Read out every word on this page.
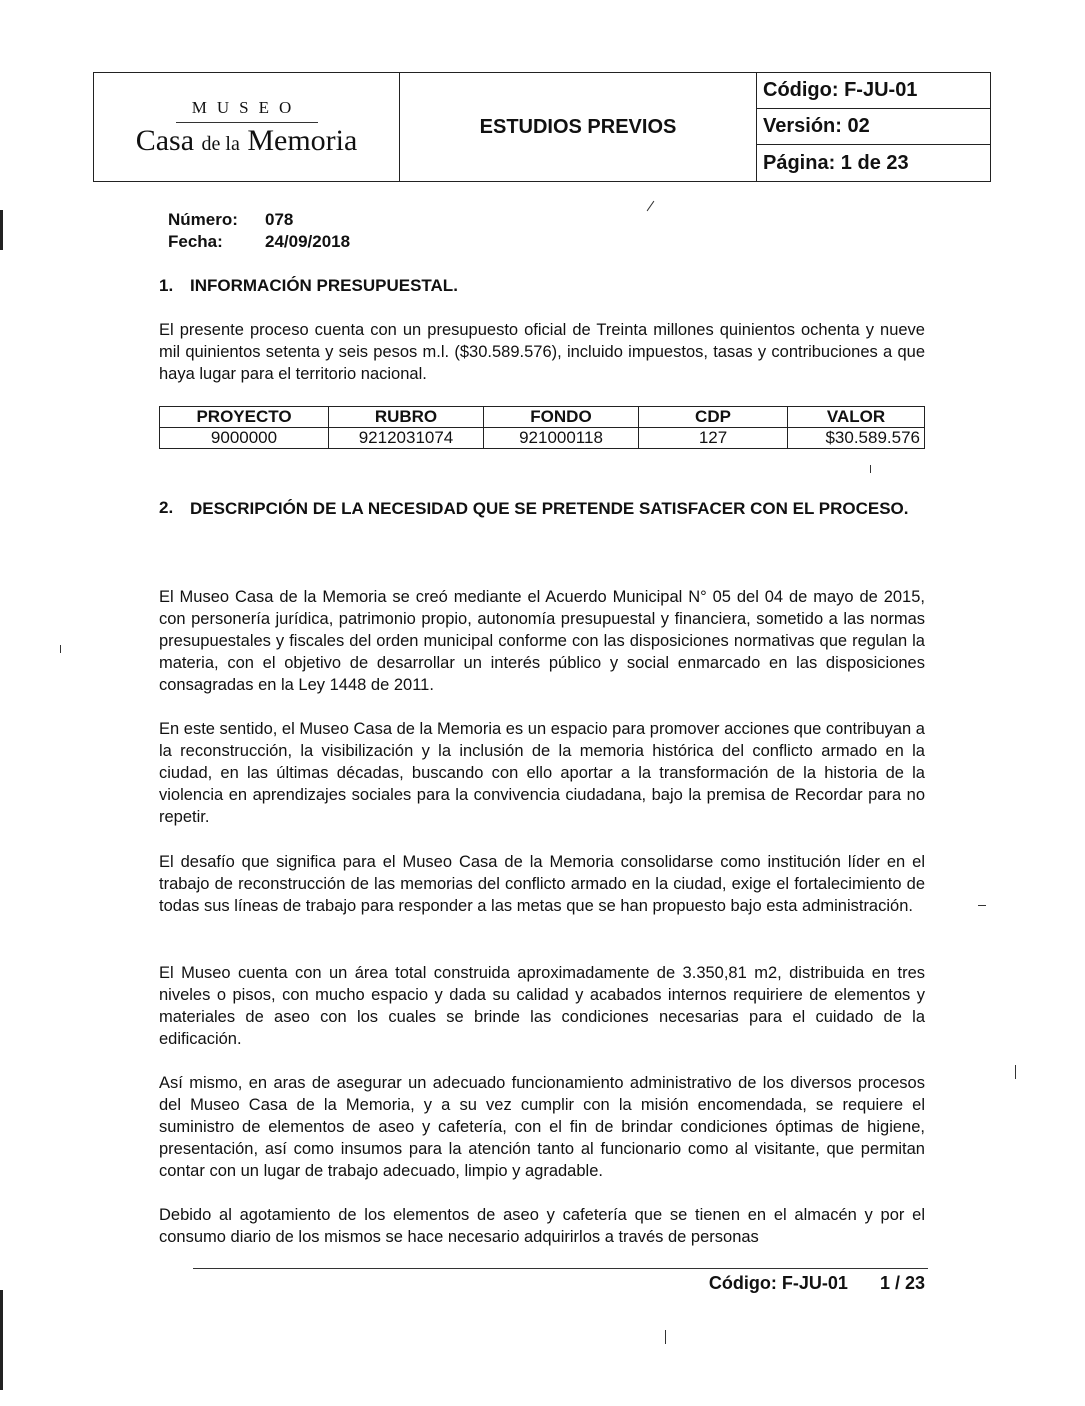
MUSEO
Casa de la Memoria	ESTUDIOS PREVIOS
Código: F-JU-01
Versión: 02
Página: 1 de 23
Número: 078
Fecha: 24/09/2018
1. INFORMACIÓN PRESUPUESTAL.
El presente proceso cuenta con un presupuesto oficial de Treinta millones quinientos ochenta y nueve mil quinientos setenta y seis pesos m.l. ($30.589.576), incluido impuestos, tasas y contribuciones a que haya lugar para el territorio nacional.
PROYECTO	RUBRO	FONDO	CDP	VALOR
9000000	9212031074	921000118	127	$30.589.576
2. DESCRIPCIÓN DE LA NECESIDAD QUE SE PRETENDE SATISFACER CON EL PROCESO.
El Museo Casa de la Memoria se creó mediante el Acuerdo Municipal N° 05 del 04 de mayo de 2015, con personería jurídica, patrimonio propio, autonomía presupuestal y financiera, sometido a las normas presupuestales y fiscales del orden municipal conforme con las disposiciones normativas que regulan la materia, con el objetivo de desarrollar un interés público y social enmarcado en las disposiciones consagradas en la Ley 1448 de 2011.
En este sentido, el Museo Casa de la Memoria es un espacio para promover acciones que contribuyan a la reconstrucción, la visibilización y la inclusión de la memoria histórica del conflicto armado en la ciudad, en las últimas décadas, buscando con ello aportar a la transformación de la historia de la violencia en aprendizajes sociales para la convivencia ciudadana, bajo la premisa de Recordar para no repetir.
El desafío que significa para el Museo Casa de la Memoria consolidarse como institución líder en el trabajo de reconstrucción de las memorias del conflicto armado en la ciudad, exige el fortalecimiento de todas sus líneas de trabajo para responder a las metas que se han propuesto bajo esta administración.
El Museo cuenta con un área total construida aproximadamente de 3.350,81 m2, distribuida en tres niveles o pisos, con mucho espacio y dada su calidad y acabados internos requiriere de elementos y materiales de aseo con los cuales se brinde las condiciones necesarias para el cuidado de la edificación.
Así mismo, en aras de asegurar un adecuado funcionamiento administrativo de los diversos procesos del Museo Casa de la Memoria, y a su vez cumplir con la misión encomendada, se requiere el suministro de elementos de aseo y cafetería, con el fin de brindar condiciones óptimas de higiene, presentación, así como insumos para la atención tanto al funcionario como al visitante, que permitan contar con un lugar de trabajo adecuado, limpio y agradable.
Debido al agotamiento de los elementos de aseo y cafetería que se tienen en el almacén y por el consumo diario de los mismos se hace necesario adquirirlos a través de personas
Código: F-JU-01 1 / 23
